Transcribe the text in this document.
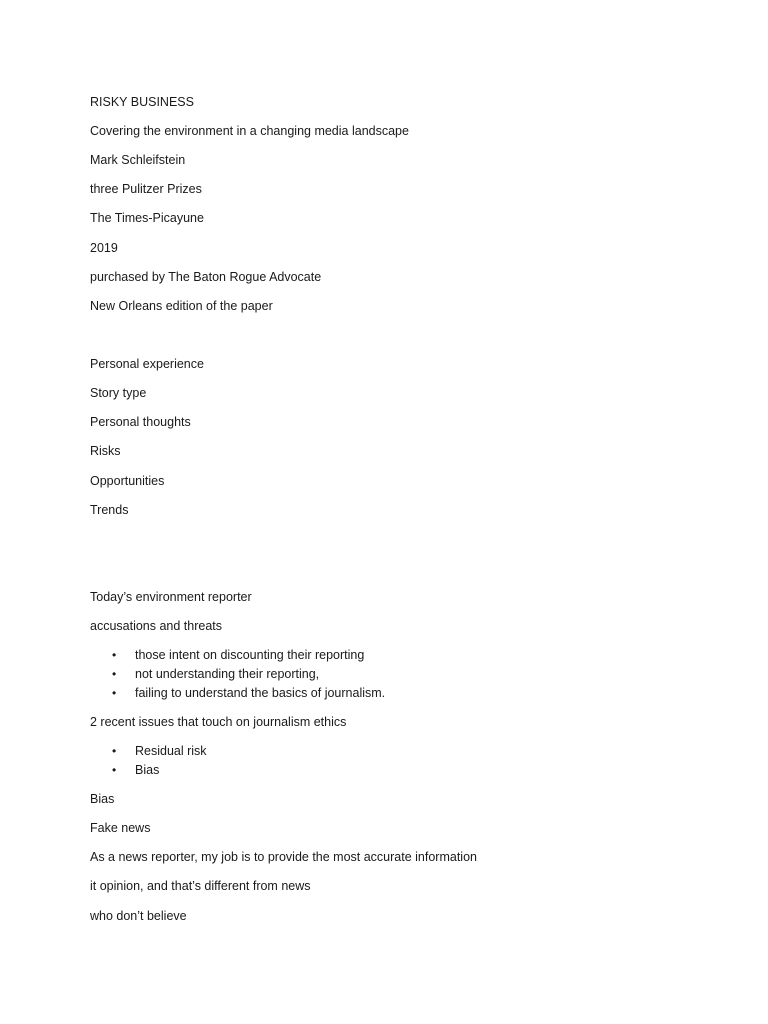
RISKY BUSINESS
Covering the environment in a changing media landscape
Mark Schleifstein
three Pulitzer Prizes
The Times-Picayune
2019
purchased by The Baton Rogue Advocate
New Orleans edition of the paper
Personal experience
Story type
Personal thoughts
Risks
Opportunities
Trends
Today’s environment reporter
accusations and threats
•	those intent on discounting their reporting
•	not understanding their reporting,
•	failing to understand the basics of journalism.
2 recent issues that touch on journalism ethics
•	Residual risk
•	Bias
Bias
Fake news
As a news reporter, my job is to provide the most accurate information
it opinion, and that’s different from news
who don’t believe
